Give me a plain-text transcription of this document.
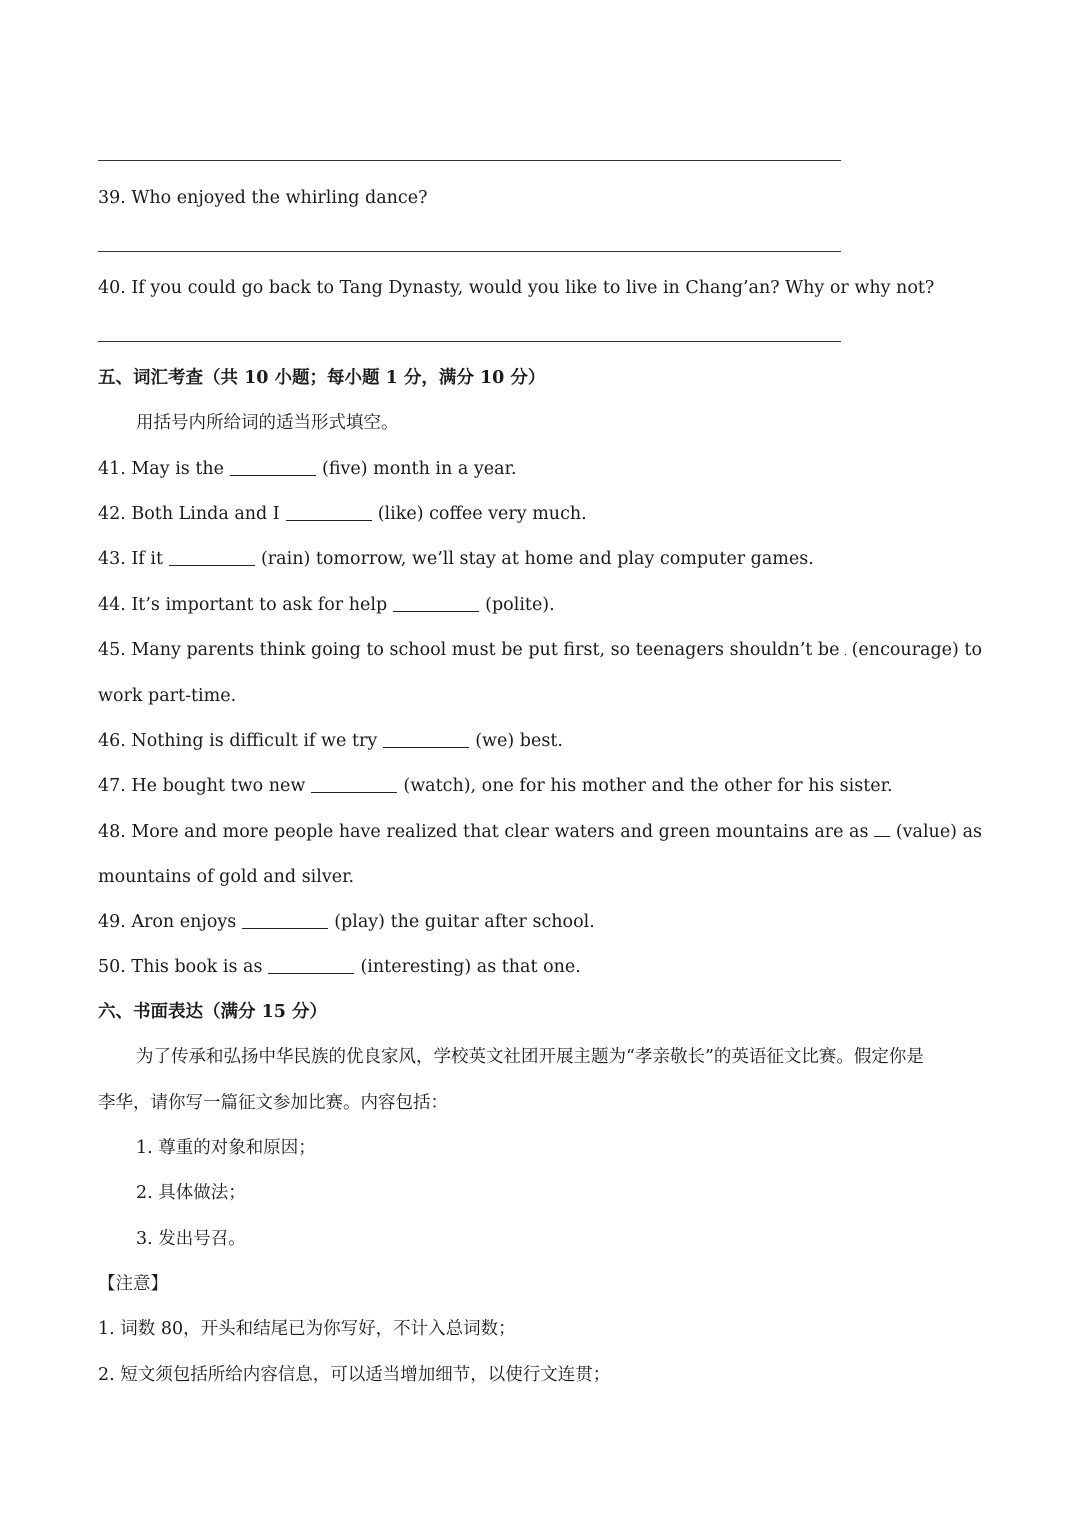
39. Who enjoyed the whirling dance?
40. If you could go back to Tang Dynasty, would you like to live in Chang’an? Why or why not?
五、词汇考查（共 10 小题；每小题 1 分，满分 10 分）
用括号内所给词的适当形式填空。
41. May is the	(five) month in a year.
42. Both Linda and I	(like) coffee very much.
43. If it	(rain) tomorrow, we’ll stay at home and play computer games.
44. It’s important to ask for help	(polite).
45. Many parents think going to school must be put first, so teenagers shouldn’t be (encourage) to
work part-time.
46. Nothing is difficult if we try	(we) best.
47. He bought two new	(watch), one for his mother and the other for his sister.
48. More and more people have realized that clear waters and green mountains are as (value) as
mountains of gold and silver.
49. Aron enjoys	(play) the guitar after school.
50. This book is as	(interesting) as that one.
六、书面表达（满分 15 分）
为了传承和弘扬中华民族的优良家风，学校英文社团开展主题为“孝亲敬长”的英语征文比赛。假定你是
李华，请你写一篇征文参加比赛。内容包括：
1. 尊重的对象和原因；
2. 具体做法；
3. 发出号召。
【注意】
1. 词数 80，开头和结尾已为你写好，不计入总词数；
2. 短文须包括所给内容信息，可以适当增加细节，以使行文连贯；
